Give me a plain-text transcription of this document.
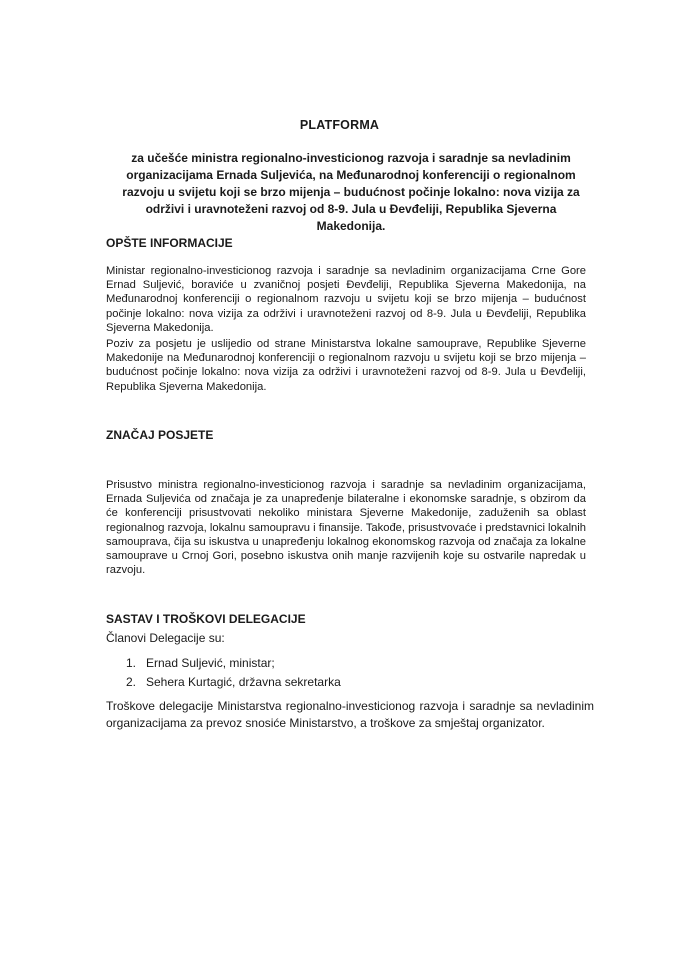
PLATFORMA
za učešće ministra regionalno-investicionog razvoja i saradnje sa nevladinim organizacijama Ernada Suljevića, na Međunarodnoj konferenciji o regionalnom razvoju u svijetu koji se brzo mijenja – budućnost počinje lokalno: nova vizija za održivi i uravnoteženi razvoj od 8-9. Jula u Đevđeliji, Republika Sjeverna Makedonija.
OPŠTE INFORMACIJE
Ministar regionalno-investicionog razvoja i saradnje sa nevladinim organizacijama Crne Gore Ernad Suljević, boraviće u zvaničnoj posjeti Đevđeliji, Republika Sjeverna Makedonija, na Međunarodnoj konferenciji o regionalnom razvoju u svijetu koji se brzo mijenja – budućnost počinje lokalno: nova vizija za održivi i uravnoteženi razvoj od 8-9. Jula u Đevđeliji, Republika Sjeverna Makedonija.
Poziv za posjetu je uslijedio od strane Ministarstva lokalne samouprave, Republike Sjeverne Makedonije na Međunarodnoj konferenciji o regionalnom razvoju u svijetu koji se brzo mijenja – budućnost počinje lokalno: nova vizija za održivi i uravnoteženi razvoj od 8-9. Jula u Đevđeliji, Republika Sjeverna Makedonija.
ZNAČAJ POSJETE
Prisustvo ministra regionalno-investicionog razvoja i saradnje sa nevladinim organizacijama, Ernada Suljevića od značaja je za unapređenje bilateralne i ekonomske saradnje, s obzirom da će konferenciji prisustvovati nekoliko ministara Sjeverne Makedonije, zaduženih sa oblast regionalnog razvoja, lokalnu samoupravu i finansije. Takođe, prisustvovaće i predstavnici lokalnih samouprava, čija su iskustva u unapređenju lokalnog ekonomskog razvoja od značaja za lokalne samouprave u Crnoj Gori, posebno iskustva onih manje razvijenih koje su ostvarile napredak u razvoju.
SASTAV I TROŠKOVI DELEGACIJE
Članovi Delegacije su:
1. Ernad Suljević, ministar;
2. Sehera Kurtagić, državna sekretarka
Troškove delegacije Ministarstva regionalno-investicionog razvoja i saradnje sa nevladinim organizacijama za prevoz snosiće Ministarstvo, a troškove za smještaj organizator.
